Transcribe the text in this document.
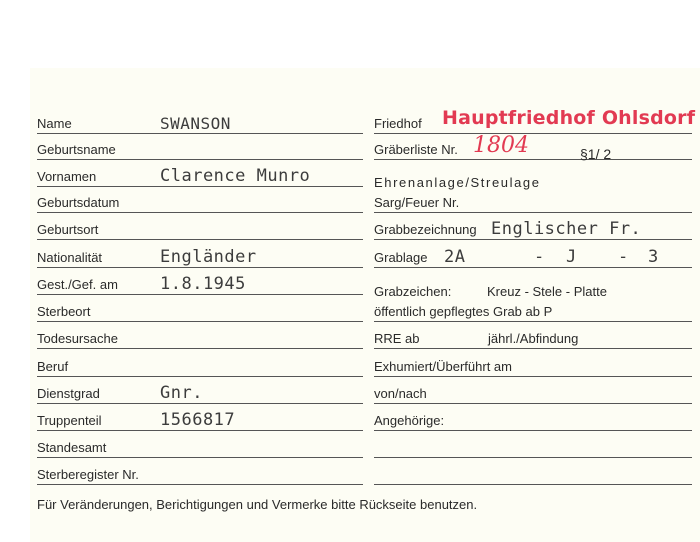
Name	SWANSON
Geburtsname
Vornamen	Clarence Munro
Geburtsdatum
Geburtsort
Nationalität	Engländer
Gest./Gef. am 1.8.1945
Sterbeort
Todesursache
Beruf
Dienstgrad	Gnr.
Truppenteil	1566817
Standesamt
Sterberegister Nr.
Friedhof Hauptfriedhof Ohlsdorf
Gräberliste Nr. 1804	§1/ 2
Ehrenanlage/Streulage
Sarg/Feuer Nr.
Grabbezeichnung Englischer Fr.
Grablage 2A	- J - 3
Grabzeichen:	Kreuz - Stele - Platte
öffentlich gepflegtes Grab ab P
RRE ab	jährl./Abfindung
Exhumiert/Überführt am
von/nach
Angehörige:
Für Veränderungen, Berichtigungen und Vermerke bitte Rückseite benutzen.
